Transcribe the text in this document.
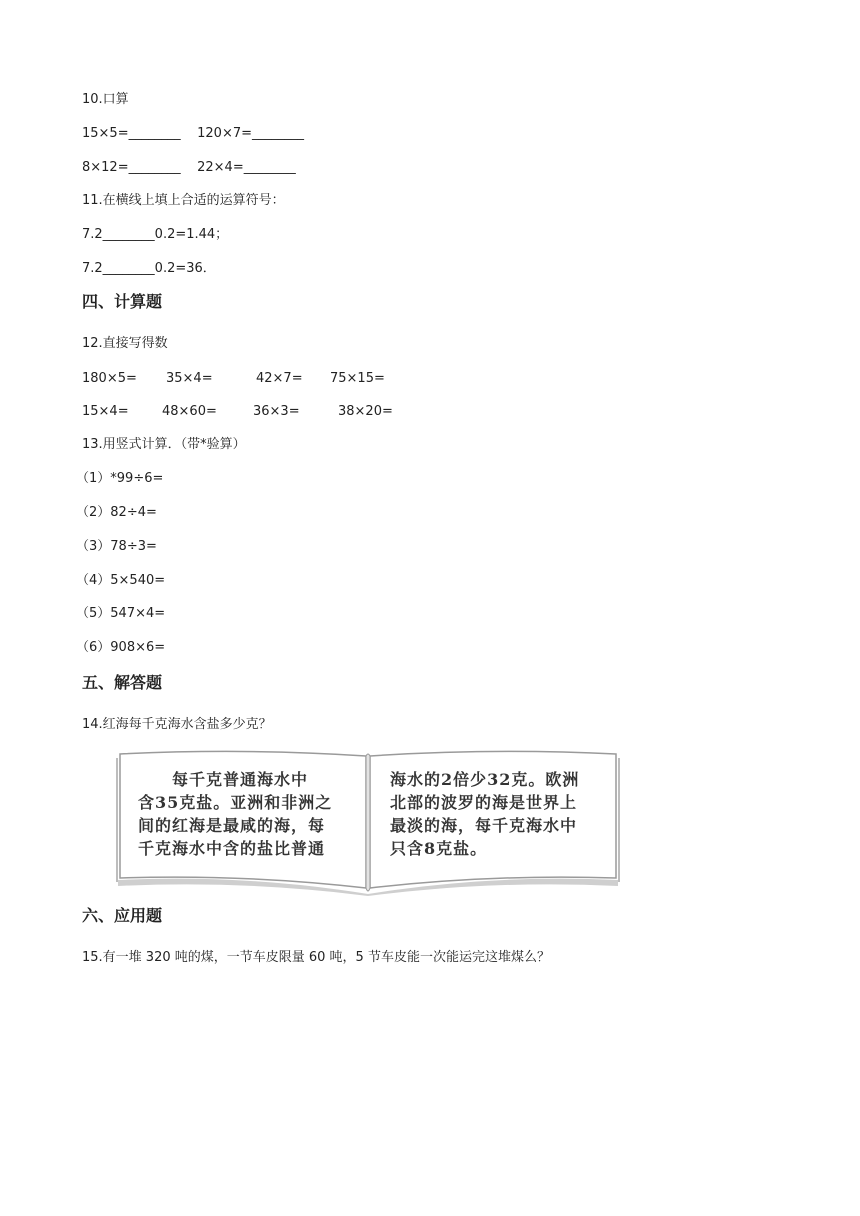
10.口算
15×5=________    120×7=________
8×12=________    22×4=________
11.在横线上填上合适的运算符号：
7.2________0.2=1.44；
7.2________0.2=36．
四、计算题
12.直接写得数
180×5= 35×4=	42×7= 75×15=
15×4=	48×60=	36×3=	38×20=
13.用竖式计算．（带*验算）
（1）*99÷6=
（2）82÷4=
（3）78÷3=
（4）5×540=
（5）547×4=
（6）908×6=
五、解答题
14.红海每千克海水含盐多少克？
　　每千克普通海水中
含35克盐。亚洲和非洲之
间的红海是最咸的海，每
千克海水中含的盐比普通
海水的2倍少32克。欧洲
北部的波罗的海是世界上
最淡的海，每千克海水中
只含8克盐。
六、应用题
15.有一堆 320 吨的煤，一节车皮限量 60 吨，5 节车皮能一次能运完这堆煤么？
